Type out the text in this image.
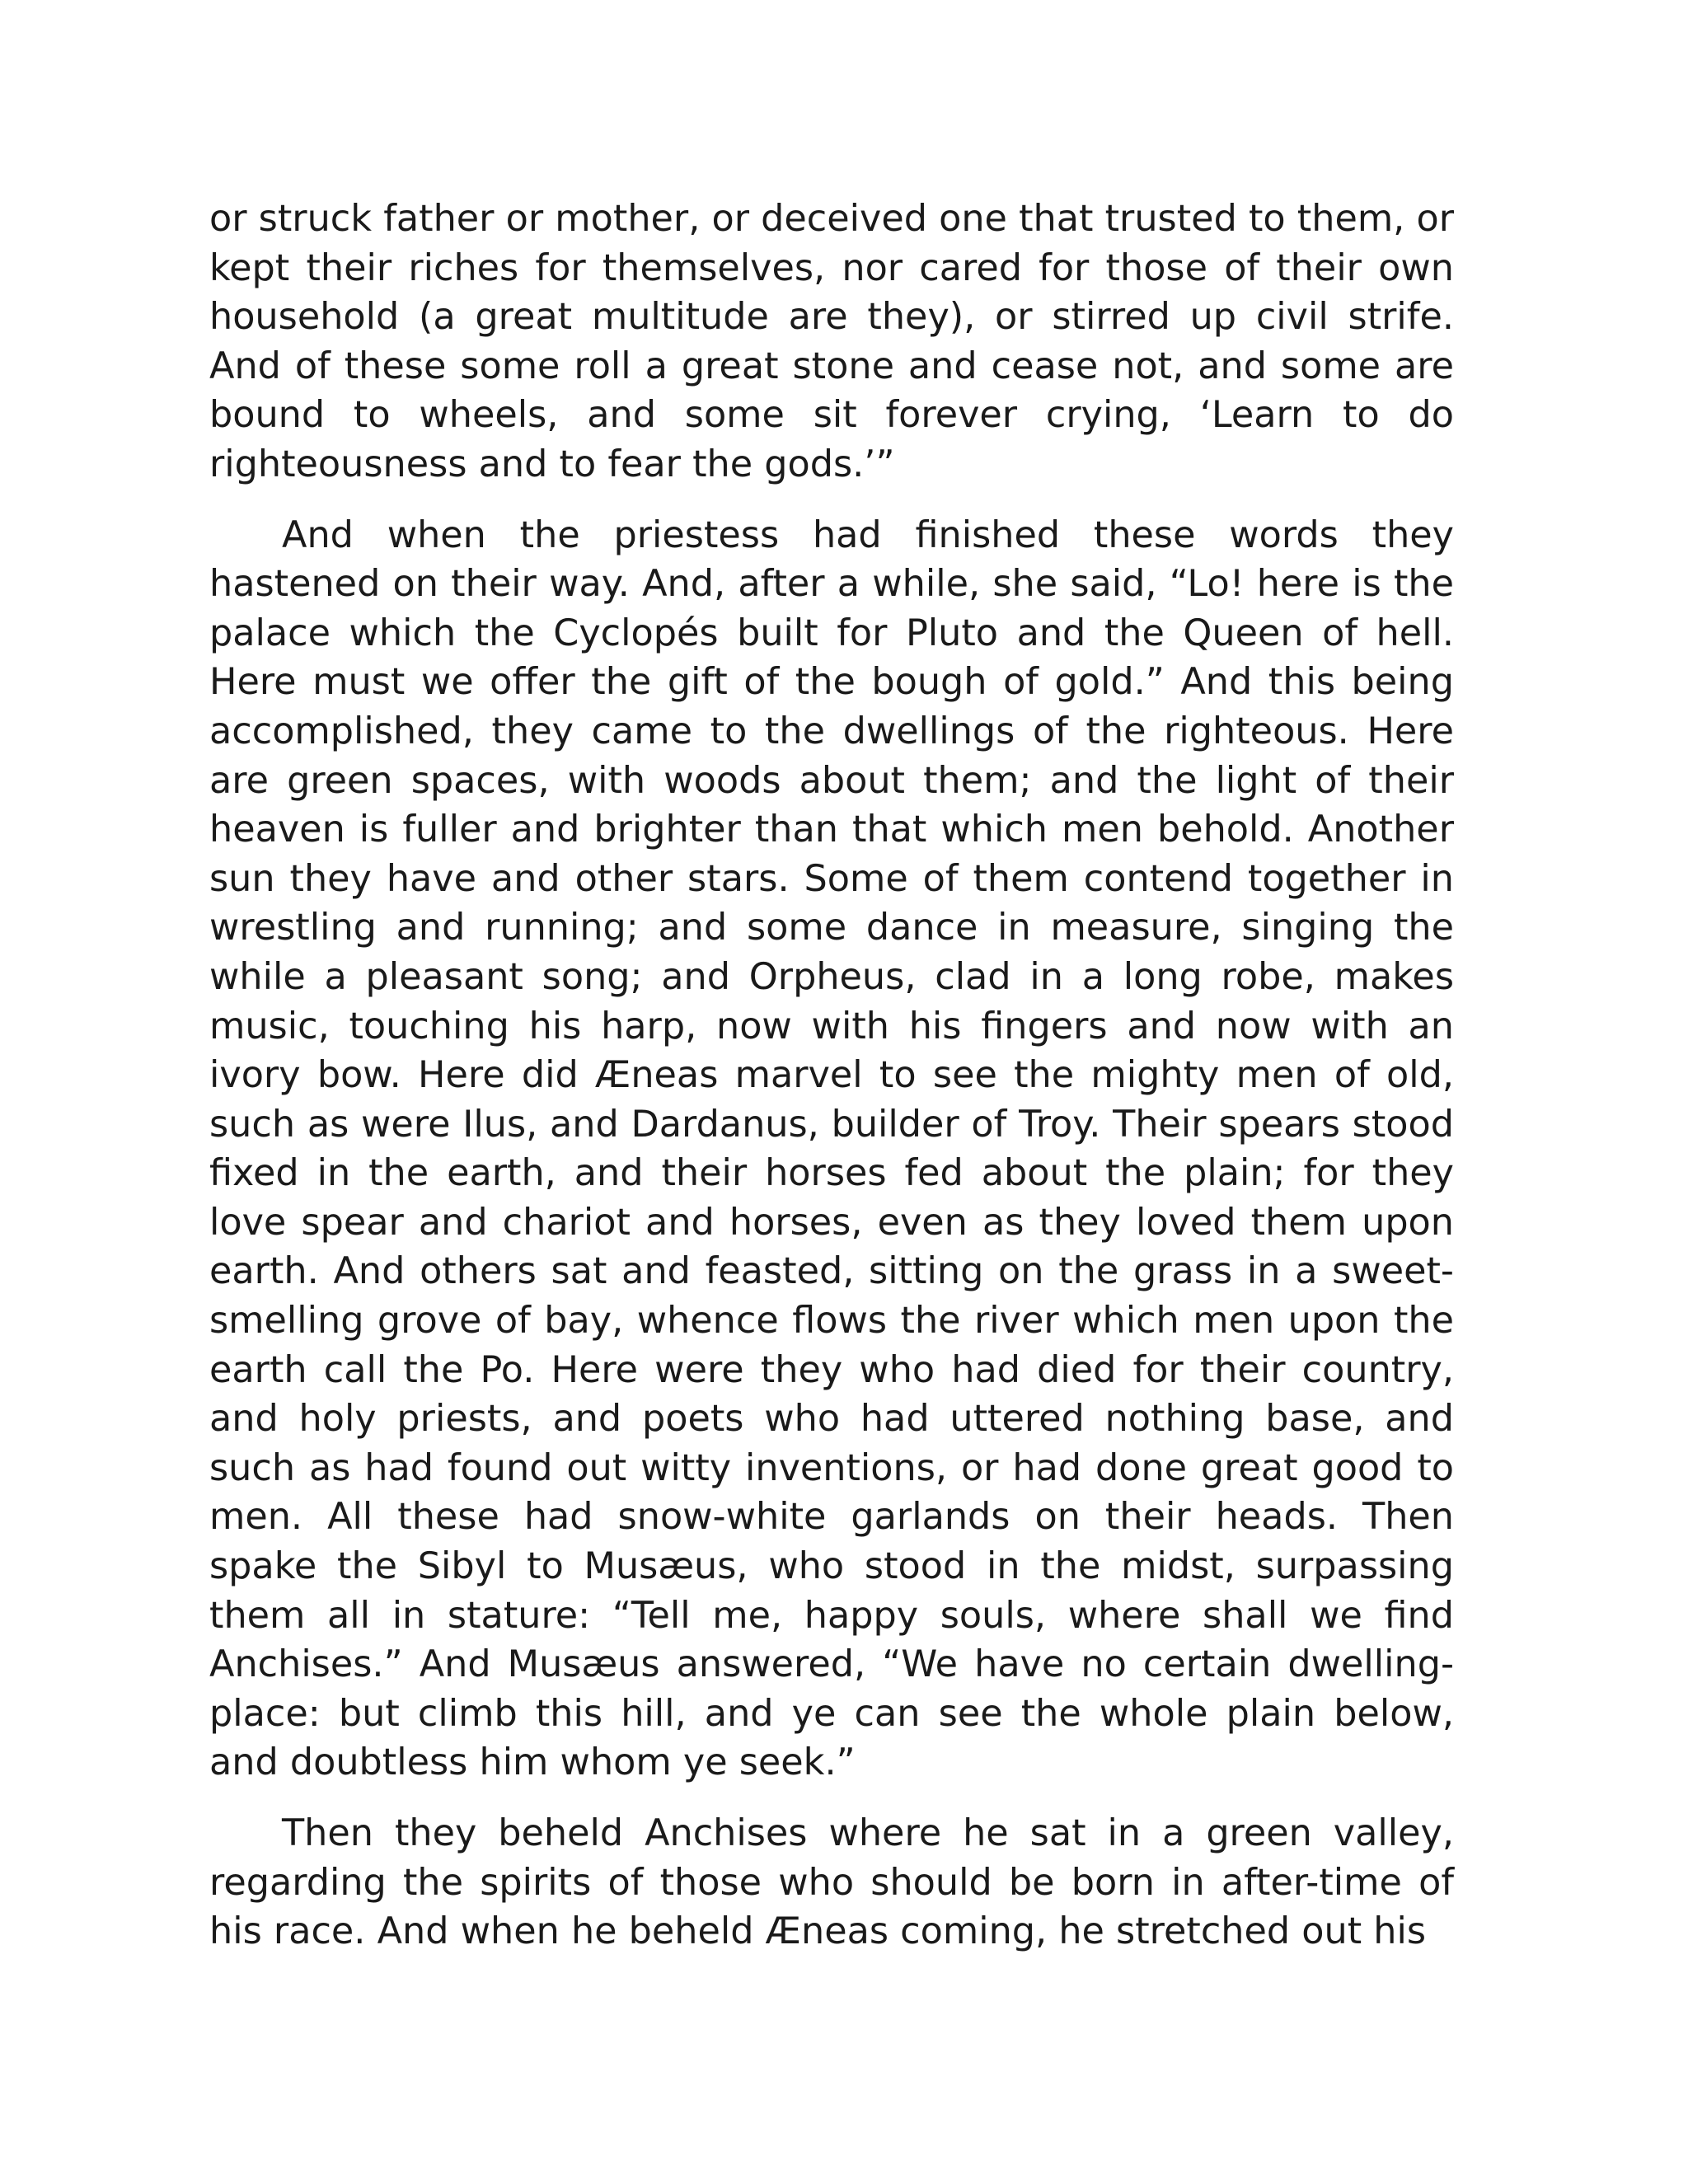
or struck father or mother, or deceived one that trusted to them, or kept their riches for themselves, nor cared for those of their own household (a great multitude are they), or stirred up civil strife. And of these some roll a great stone and cease not, and some are bound to wheels, and some sit forever crying, ‘Learn to do righteousness and to fear the gods.’”

And when the priestess had finished these words they hastened on their way. And, after a while, she said, “Lo! here is the palace which the Cyclopés built for Pluto and the Queen of hell. Here must we offer the gift of the bough of gold.” And this being accomplished, they came to the dwellings of the righteous. Here are green spaces, with woods about them; and the light of their heaven is fuller and brighter than that which men behold. Another sun they have and other stars. Some of them contend together in wrestling and running; and some dance in measure, singing the while a pleasant song; and Orpheus, clad in a long robe, makes music, touching his harp, now with his fingers and now with an ivory bow. Here did Æneas marvel to see the mighty men of old, such as were Ilus, and Dardanus, builder of Troy. Their spears stood fixed in the earth, and their horses fed about the plain; for they love spear and chariot and horses, even as they loved them upon earth. And others sat and feasted, sitting on the grass in a sweet-smelling grove of bay, whence flows the river which men upon the earth call the Po. Here were they who had died for their country, and holy priests, and poets who had uttered nothing base, and such as had found out witty inventions, or had done great good to men. All these had snow-white garlands on their heads. Then spake the Sibyl to Musæus, who stood in the midst, surpassing them all in stature: “Tell me, happy souls, where shall we find Anchises.” And Musæus answered, “We have no certain dwelling-place: but climb this hill, and ye can see the whole plain below, and doubtless him whom ye seek.”

Then they beheld Anchises where he sat in a green valley, regarding the spirits of those who should be born in after-time of his race. And when he beheld Æneas coming, he stretched out his
